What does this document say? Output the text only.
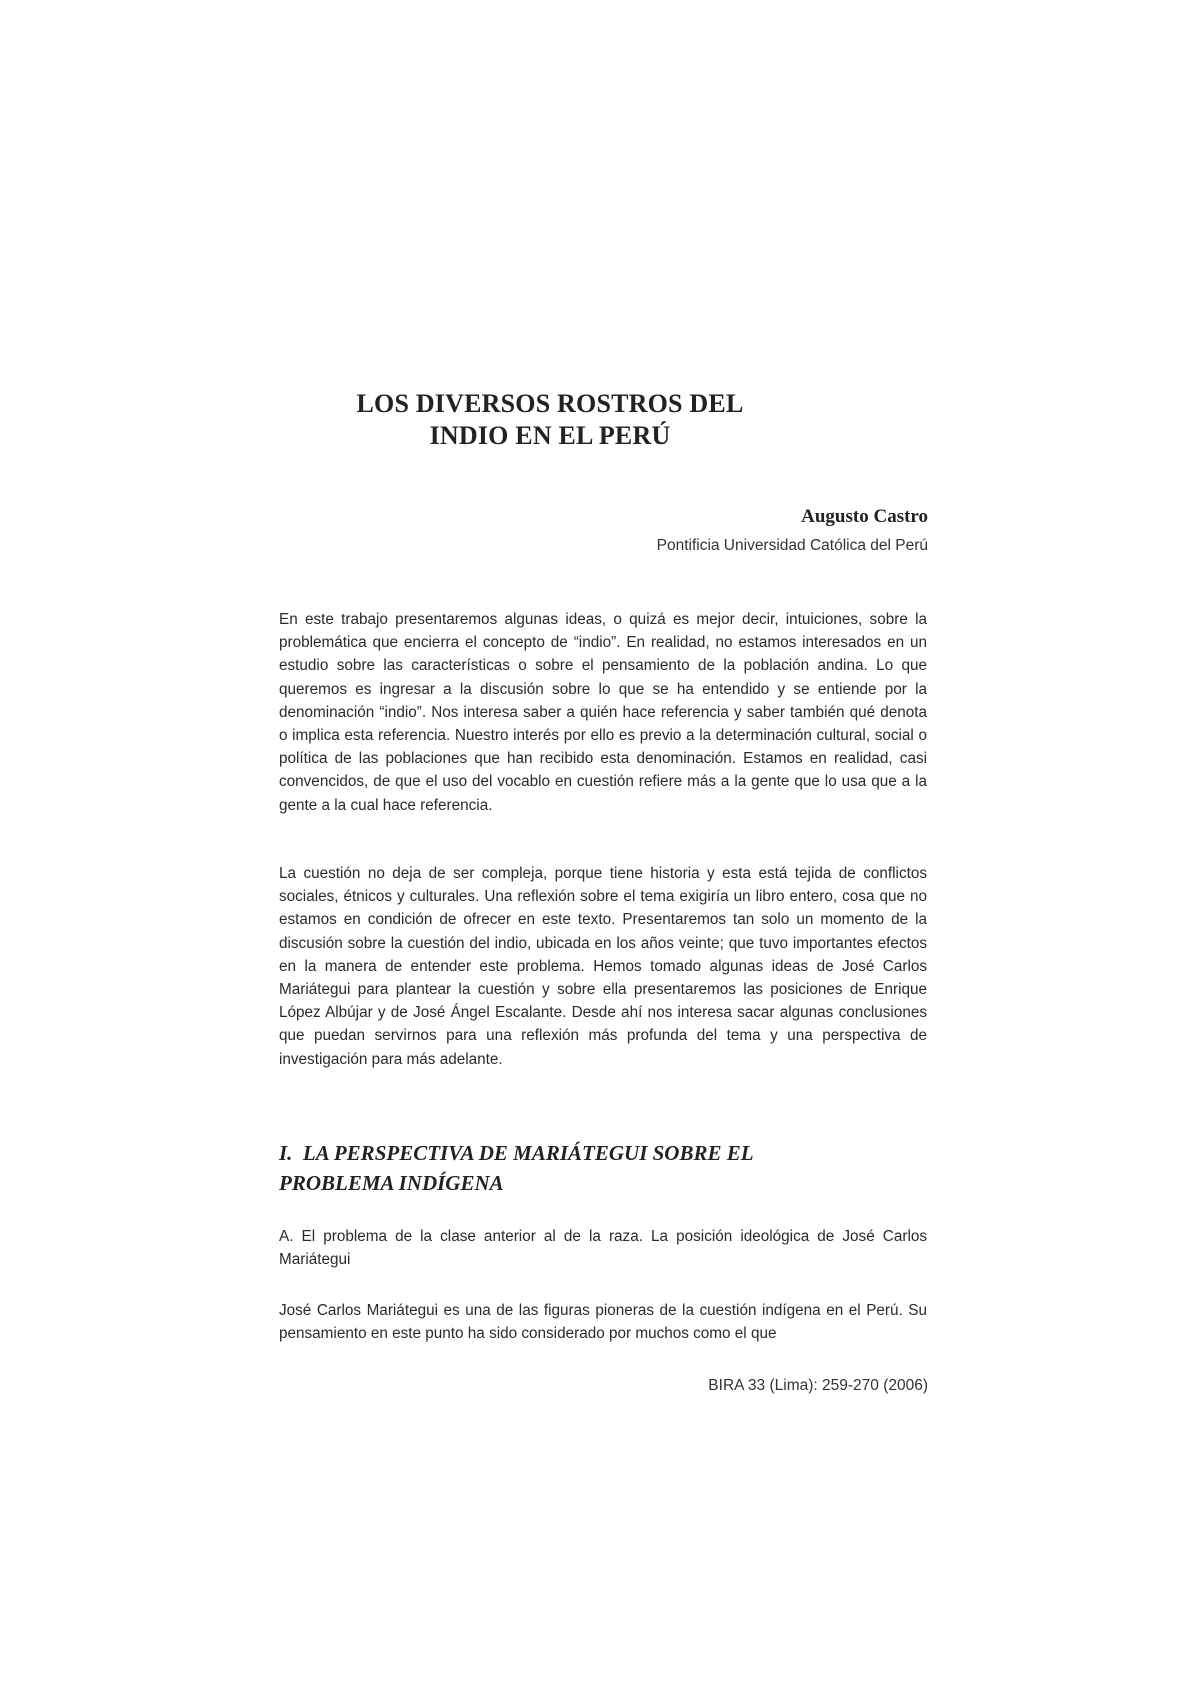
LOS DIVERSOS ROSTROS DEL
INDIO EN EL PERÚ
Augusto Castro
Pontificia Universidad Católica del Perú

En este trabajo presentaremos algunas ideas, o quizá es mejor decir, intuiciones, sobre la problemática que encierra el concepto de “indio”. En realidad, no estamos interesados en un estudio sobre las características o sobre el pensamiento de la población andina. Lo que queremos es ingresar a la discusión sobre lo que se ha entendido y se entiende por la denominación “indio”. Nos interesa saber a quién hace referencia y saber también qué denota o implica esta referencia. Nuestro interés por ello es previo a la determinación cultural, social o política de las poblaciones que han recibido esta denominación. Estamos en realidad, casi convencidos, de que el uso del vocablo en cuestión refiere más a la gente que lo usa que a la gente a la cual hace referencia.

La cuestión no deja de ser compleja, porque tiene historia y esta está tejida de conflictos sociales, étnicos y culturales. Una reflexión sobre el tema exigiría un libro entero, cosa que no estamos en condición de ofrecer en este texto. Presentaremos tan solo un momento de la discusión sobre la cuestión del indio, ubicada en los años veinte; que tuvo importantes efectos en la manera de entender este problema. Hemos tomado algunas ideas de José Carlos Mariátegui para plantear la cuestión y sobre ella presentaremos las posiciones de Enrique López Albújar y de José Ángel Escalante. Desde ahí nos interesa sacar algunas conclusiones que puedan servirnos para una reflexión más profunda del tema y una perspectiva de investigación para más adelante.

I.  LA PERSPECTIVA DE MARIÁTEGUI SOBRE EL
PROBLEMA INDÍGENA

A. El problema de la clase anterior al de la raza. La posición ideológica de José Carlos Mariátegui

José Carlos Mariátegui es una de las figuras pioneras de la cuestión indígena en el Perú. Su pensamiento en este punto ha sido considerado por muchos como el que

BIRA 33 (Lima): 259-270 (2006)
